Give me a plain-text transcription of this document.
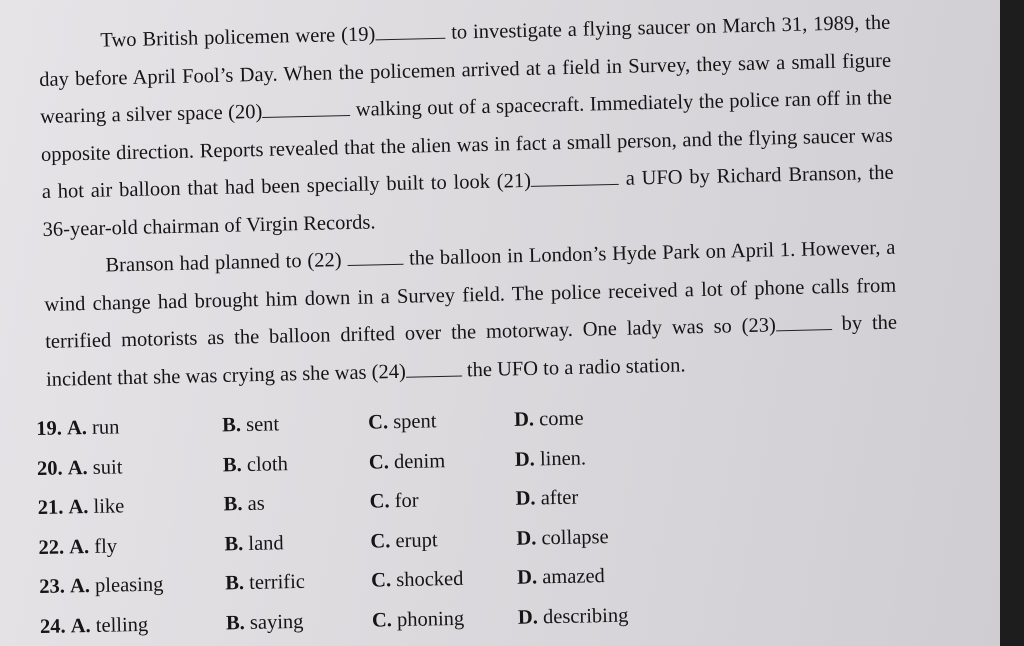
Two British policemen were (19)	to investigate a flying saucer on March 31, 1989, the day before April Fool’s Day. When the policemen arrived at a field in Survey, they saw a small figure wearing a silver space (20)	walking out of a spacecraft. Immediately the police ran off in the opposite direction. Reports revealed that the alien was in fact a small person, and the flying saucer was a hot air balloon that had been specially built to look (21)	a UFO by Richard Branson, the 36-year-old chairman of Virgin Records.

Branson had planned to (22)	the balloon in London’s Hyde Park on April 1. However, a wind change had brought him down in a Survey field. The police received a lot of phone calls from terrified motorists as the balloon drifted over the motorway. One lady was so (23)	by the incident that she was crying as she was (24)	the UFO to a radio station.

19. A. run	B. sent	C. spent	D. come
20. A. suit	B. cloth	C. denim	D. linen.
21. A. like	B. as	C. for	D. after
22. A. fly	B. land	C. erupt	D. collapse
23. A. pleasing	B. terrific	C. shocked	D. amazed
24. A. telling	B. saying	C. phoning	D. describing
